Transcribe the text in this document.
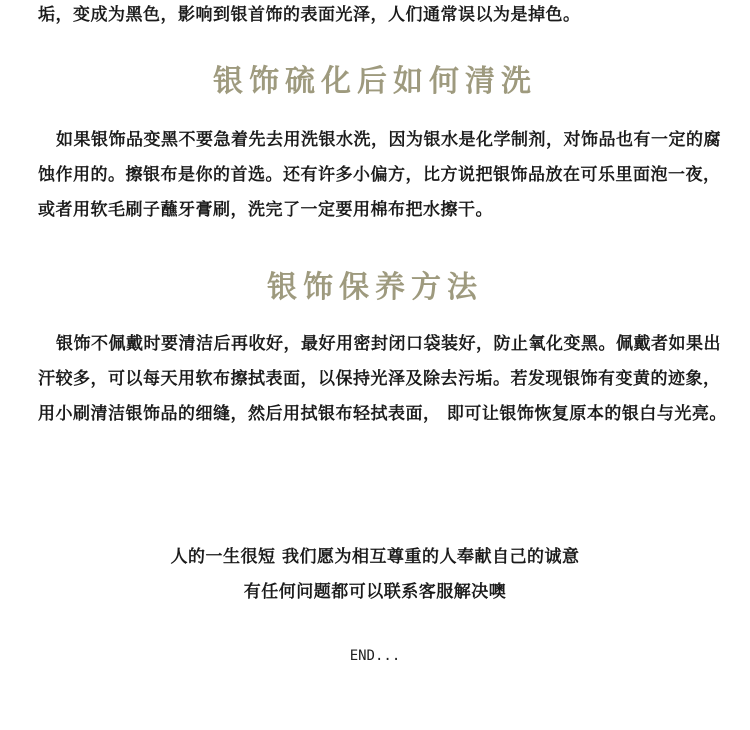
垢，变成为黑色，影响到银首饰的表面光泽，人们通常误以为是掉色。

银饰硫化后如何清洗

如果银饰品变黑不要急着先去用洗银水洗，因为银水是化学制剂，对饰品也有一定的腐蚀作用的。擦银布是你的首选。还有许多小偏方，比方说把银饰品放在可乐里面泡一夜，或者用软毛刷子蘸牙膏刷，洗完了一定要用棉布把水擦干。

银饰保养方法

银饰不佩戴时要清洁后再收好，最好用密封闭口袋装好，防止氧化变黑。佩戴者如果出汗较多，可以每天用软布擦拭表面，以保持光泽及除去污垢。若发现银饰有变黄的迹象，用小刷清洁银饰品的细缝，然后用拭银布轻拭表面， 即可让银饰恢复原本的银白与光亮。

人的一生很短 我们愿为相互尊重的人奉献自己的诚意

有任何问题都可以联系客服解决噢

END...
